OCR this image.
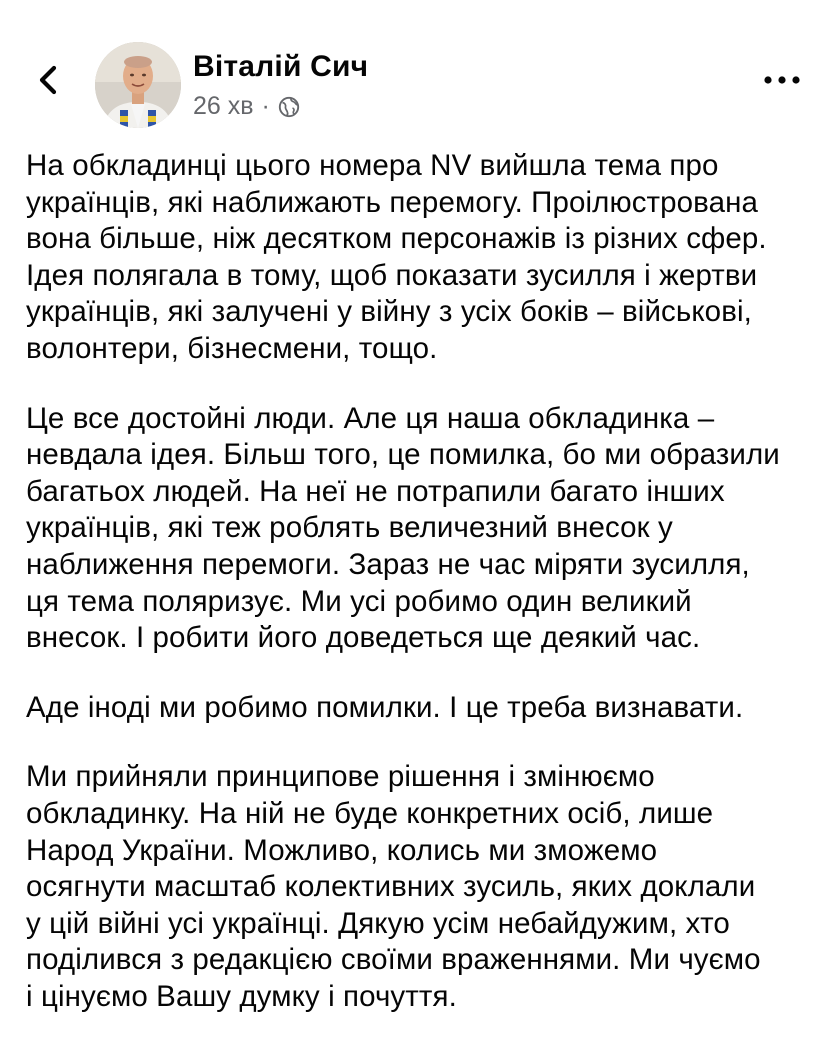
Віталій Сич
26 хв ·

На обкладинці цього номера NV вийшла тема про
українців, які наближають перемогу. Проілюстрована
вона більше, ніж десятком персонажів із різних сфер.
Ідея полягала в тому, щоб показати зусилля і жертви
українців, які залучені у війну з усіх боків – військові,
волонтери, бізнесмени, тощо.

Це все достойні люди. Але ця наша обкладинка –
невдала ідея. Більш того, це помилка, бо ми образили
багатьох людей. На неї не потрапили багато інших
українців, які теж роблять величезний внесок у
наближення перемоги. Зараз не час міряти зусилля,
ця тема поляризує. Ми усі робимо один великий
внесок. І робити його доведеться ще деякий час.

Аде іноді ми робимо помилки. І це треба визнавати.

Ми прийняли принципове рішення і змінюємо
обкладинку. На ній не буде конкретних осіб, лише
Народ України. Можливо, колись ми зможемо
осягнути масштаб колективних зусиль, яких доклали
у цій війні усі українці. Дякую усім небайдужим, хто
поділився з редакцією своїми враженнями. Ми чуємо
і цінуємо Вашу думку і почуття.
